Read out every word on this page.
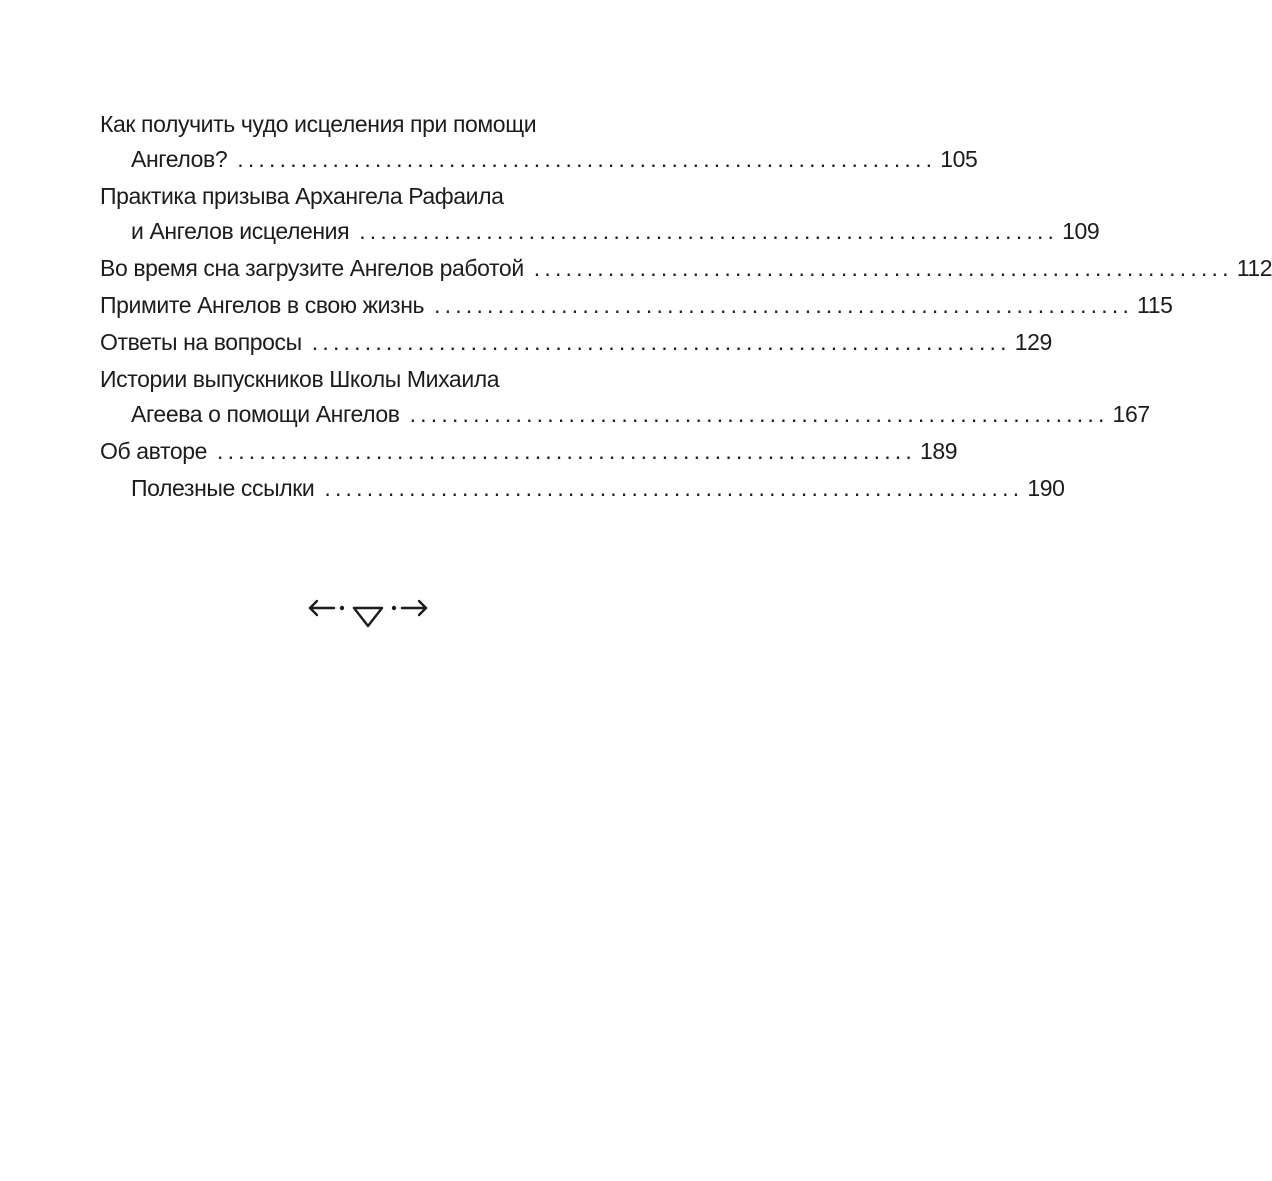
Как получить чудо исцеления при помощи
Ангелов? .................................................................. 105
Практика призыва Архангела Рафаила
и Ангелов исцеления .................................................................. 109
Во время сна загрузите Ангелов работой .................................................................. 112
Примите Ангелов в свою жизнь .................................................................. 115
Ответы на вопросы .................................................................. 129
Истории выпускников Школы Михаила
Агеева о помощи Ангелов .................................................................. 167
Об авторе .................................................................. 189
Полезные ссылки .................................................................. 190
